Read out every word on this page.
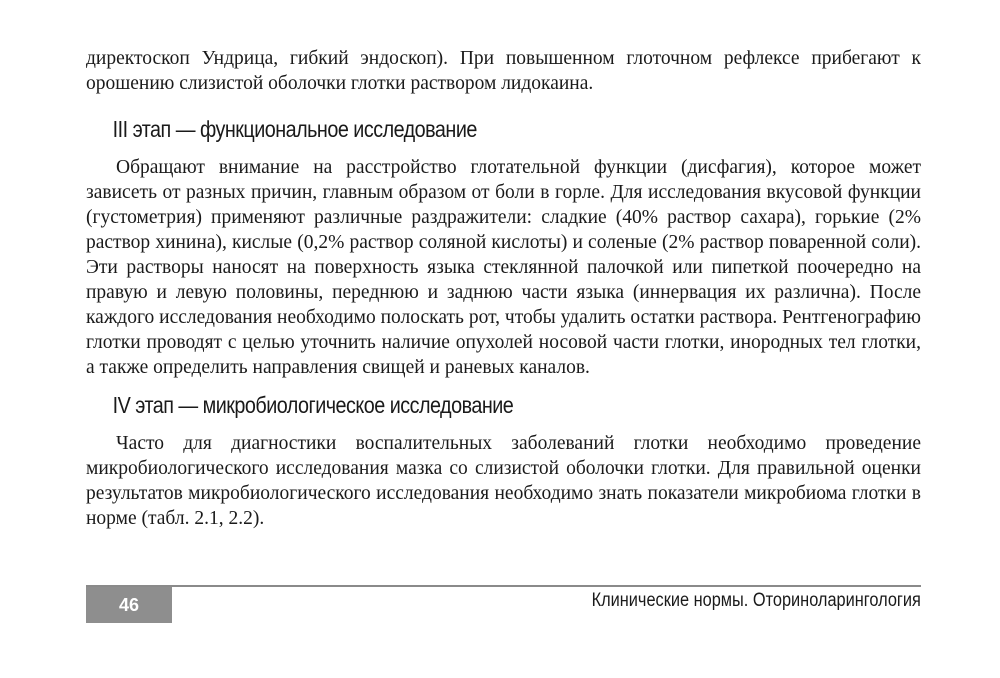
директоскоп Ундрица, гибкий эндоскоп). При повышенном глоточном рефлексе прибегают к орошению слизистой оболочки глотки раствором лидокаина.

III этап — функциональное исследование

Обращают внимание на расстройство глотательной функции (дисфагия), которое может зависеть от разных причин, главным образом от боли в горле. Для исследования вкусовой функции (густометрия) применяют различные раздражители: сладкие (40% раствор сахара), горькие (2% раствор хинина), кислые (0,2% раствор соляной кислоты) и соленые (2% раствор поваренной соли). Эти растворы наносят на поверхность языка стеклянной палочкой или пипеткой поочередно на правую и левую половины, переднюю и заднюю части языка (иннервация их различна). После каждого исследования необходимо полоскать рот, чтобы удалить остатки раствора. Рентгенографию глотки проводят с целью уточнить наличие опухолей носовой части глотки, инородных тел глотки, а также определить направления свищей и раневых каналов.

IV этап — микробиологическое исследование

Часто для диагностики воспалительных заболеваний глотки необходимо проведение микробиологического исследования мазка со слизистой оболочки глотки. Для правильной оценки результатов микробиологического исследования необходимо знать показатели микробиома глотки в норме (табл. 2.1, 2.2).

46	Клинические нормы. Оториноларингология
